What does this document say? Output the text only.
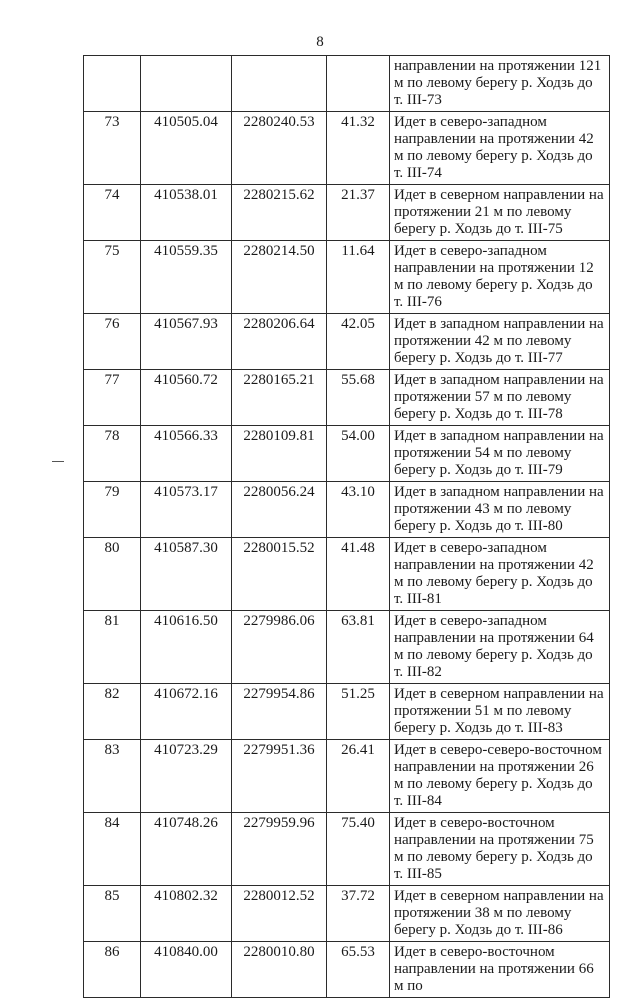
8
				направлении на протяжении 121 м по левому берегу р. Ходзь до т. III-73
73	410505.04	2280240.53	41.32	Идет в северо-западном направлении на протяжении 42 м по левому берегу р. Ходзь до т. III-74
74	410538.01	2280215.62	21.37	Идет в северном направлении на протяжении 21 м по левому берегу р. Ходзь до т. III-75
75	410559.35	2280214.50	11.64	Идет в северо-западном направлении на протяжении 12 м по левому берегу р. Ходзь до т. III-76
76	410567.93	2280206.64	42.05	Идет в западном направлении на протяжении 42 м по левому берегу р. Ходзь до т. III-77
77	410560.72	2280165.21	55.68	Идет в западном направлении на протяжении 57 м по левому берегу р. Ходзь до т. III-78
78	410566.33	2280109.81	54.00	Идет в западном направлении на протяжении 54 м по левому берегу р. Ходзь до т. III-79
79	410573.17	2280056.24	43.10	Идет в западном направлении на протяжении 43 м по левому берегу р. Ходзь до т. III-80
80	410587.30	2280015.52	41.48	Идет в северо-западном направлении на протяжении 42 м по левому берегу р. Ходзь до т. III-81
81	410616.50	2279986.06	63.81	Идет в северо-западном направлении на протяжении 64 м по левому берегу р. Ходзь до т. III-82
82	410672.16	2279954.86	51.25	Идет в северном направлении на протяжении 51 м по левому берегу р. Ходзь до т. III-83
83	410723.29	2279951.36	26.41	Идет в северо-северо-восточном направлении на протяжении 26 м по левому берегу р. Ходзь до т. III-84
84	410748.26	2279959.96	75.40	Идет в северо-восточном направлении на протяжении 75 м по левому берегу р. Ходзь до т. III-85
85	410802.32	2280012.52	37.72	Идет в северном направлении на протяжении 38 м по левому берегу р. Ходзь до т. III-86
86	410840.00	2280010.80	65.53	Идет в северо-восточном направлении на протяжении 66 м по
